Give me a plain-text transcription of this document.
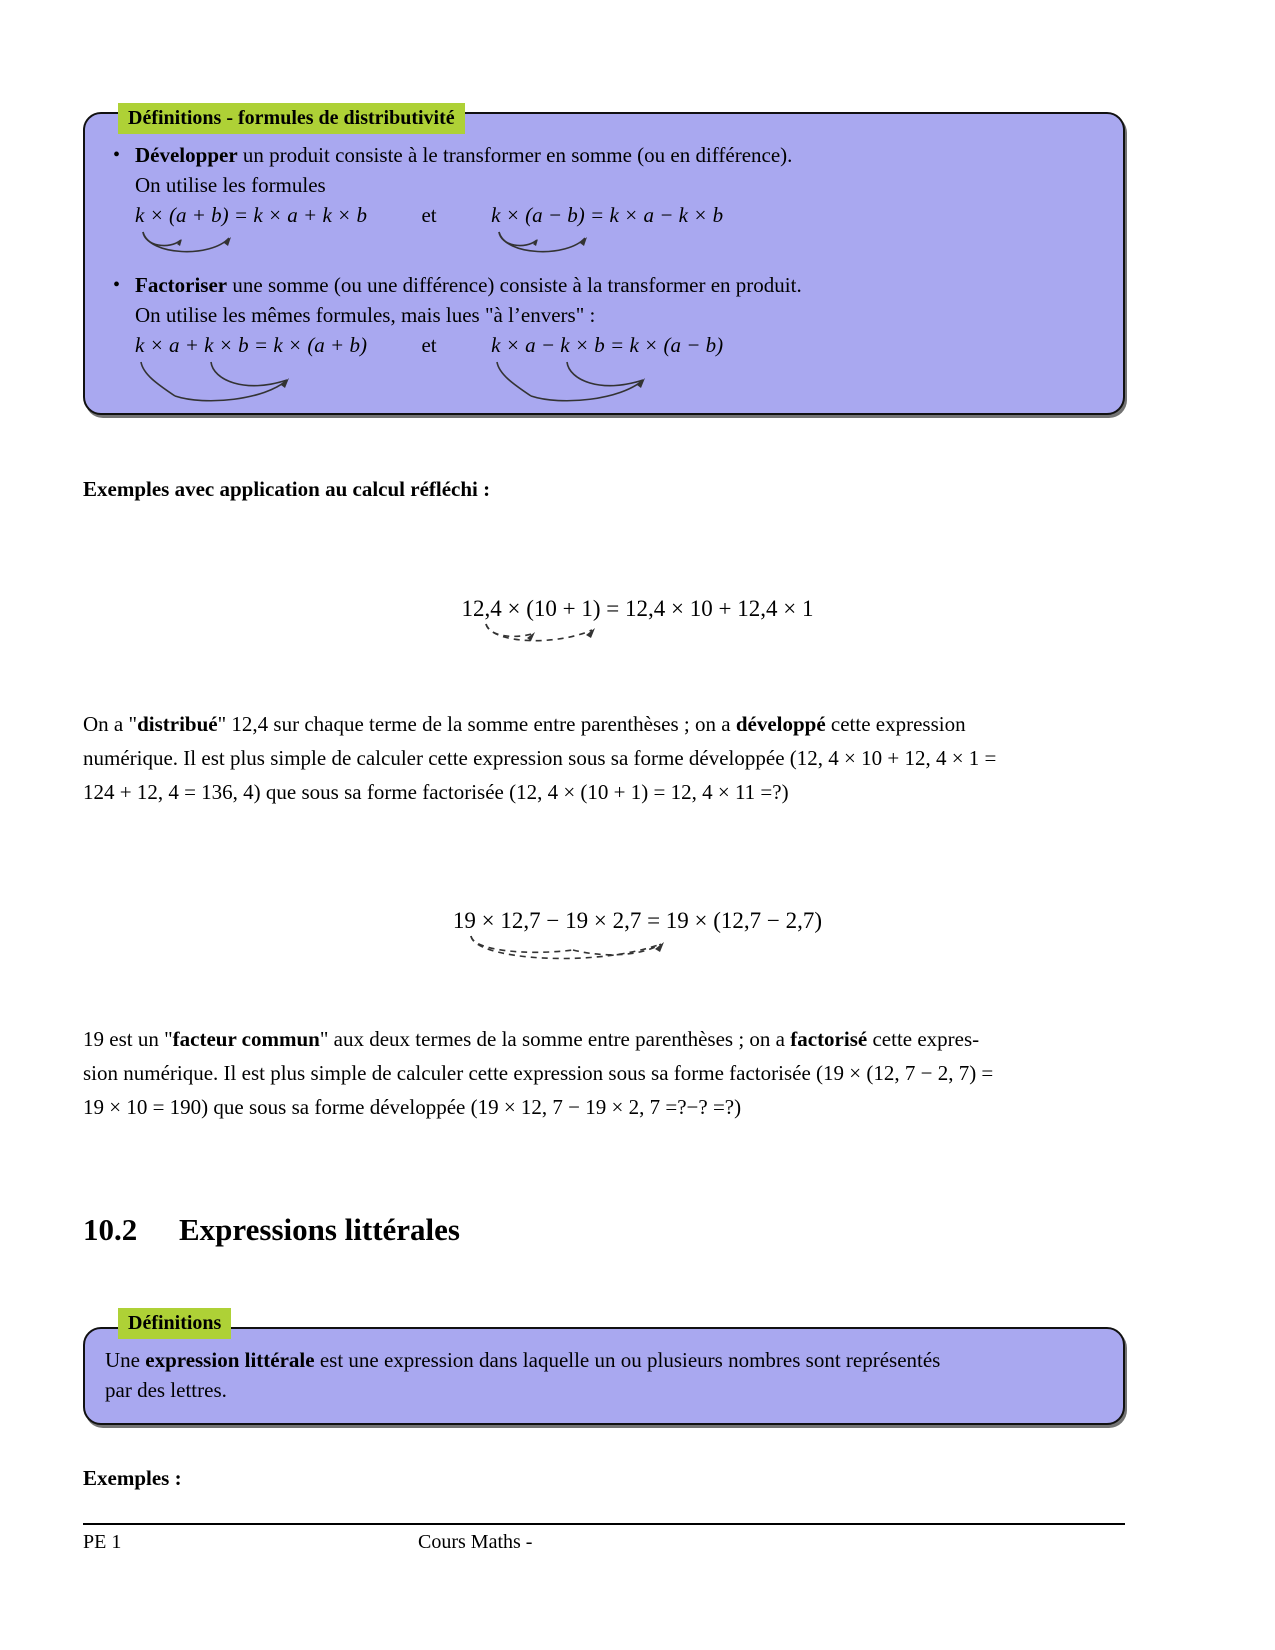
Définitions - formules de distributivité
• Développer un produit consiste à le transformer en somme (ou en différence).
On utilise les formules
k × (a + b) = k × a + k × b	et	k × (a − b) = k × a − k × b
• Factoriser une somme (ou une différence) consiste à la transformer en produit.
On utilise les mêmes formules, mais lues "à l’envers" :
k × a + k × b = k × (a + b)	et	k × a − k × b = k × (a − b)
Exemples avec application au calcul réfléchi :
12,4 × (10 + 1) = 12,4 × 10 + 12,4 × 1
On a "distribué" 12,4 sur chaque terme de la somme entre parenthèses ; on a développé cette expression
numérique. Il est plus simple de calculer cette expression sous sa forme développée (12, 4 × 10 + 12, 4 × 1 =
124 + 12, 4 = 136, 4) que sous sa forme factorisée (12, 4 × (10 + 1) = 12, 4 × 11 =?)
19 × 12,7 − 19 × 2,7 = 19 × (12,7 − 2,7)
19 est un "facteur commun" aux deux termes de la somme entre parenthèses ; on a factorisé cette expres-
sion numérique. Il est plus simple de calculer cette expression sous sa forme factorisée (19 × (12, 7 − 2, 7) =
19 × 10 = 190) que sous sa forme développée (19 × 12, 7 − 19 × 2, 7 =?−? =?)
10.2 Expressions littérales
Définitions
Une expression littérale est une expression dans laquelle un ou plusieurs nombres sont représentés
par des lettres.
Exemples :
PE 1	Cours Maths -
